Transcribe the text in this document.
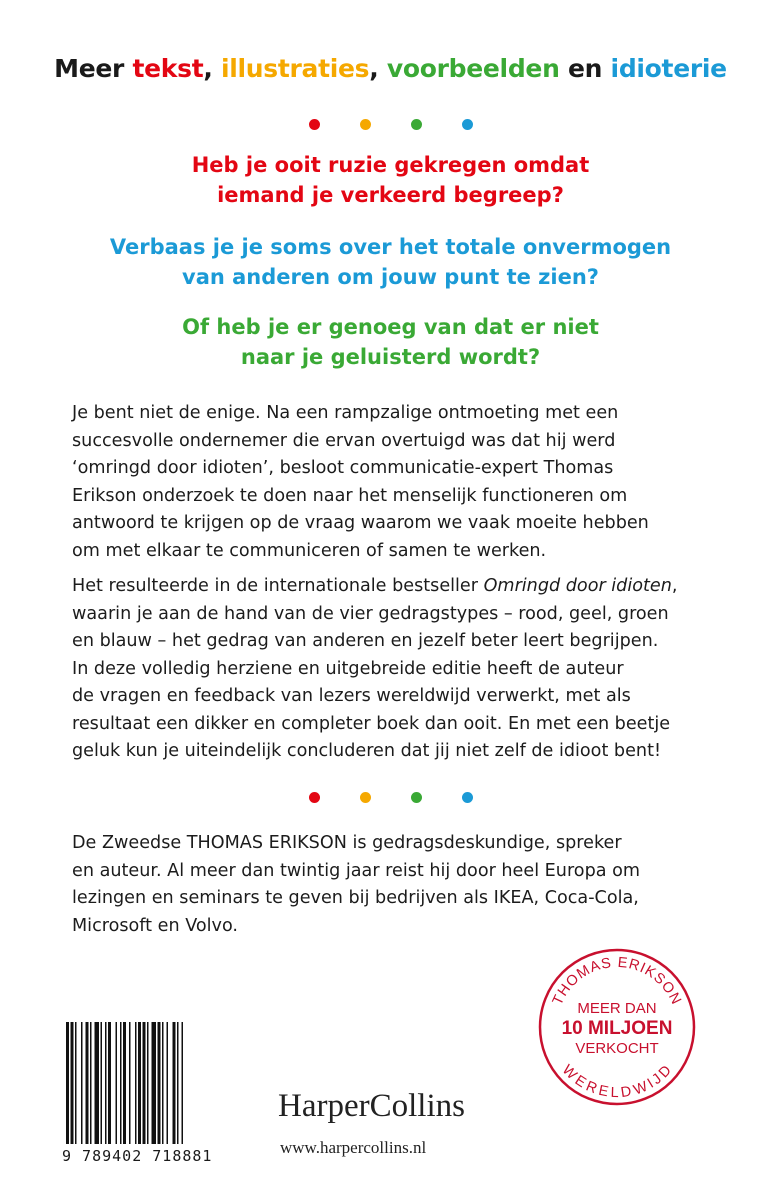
Meer tekst, illustraties, voorbeelden en idioterie
Heb je ooit ruzie gekregen omdat
iemand je verkeerd begreep?
Verbaas je je soms over het totale onvermogen
van anderen om jouw punt te zien?
Of heb je er genoeg van dat er niet
naar je geluisterd wordt?

Je bent niet de enige. Na een rampzalige ontmoeting met een

succesvolle ondernemer die ervan overtuigd was dat hij werd

‘omringd door idioten’, besloot communicatie-expert Thomas

Erikson onderzoek te doen naar het menselijk functioneren om

antwoord te krijgen op de vraag waarom we vaak moeite hebben

om met elkaar te communiceren of samen te werken.

Het resulteerde in de internationale bestseller Omringd door idioten,

waarin je aan de hand van de vier gedragstypes – rood, geel, groen

en blauw – het gedrag van anderen en jezelf beter leert begrijpen.

In deze volledig herziene en uitgebreide editie heeft de auteur

de vragen en feedback van lezers wereldwijd verwerkt, met als

resultaat een dikker en completer boek dan ooit. En met een beetje

geluk kun je uiteindelijk concluderen dat jij niet zelf de idioot bent!

De Zweedse THOMAS ERIKSON is gedragsdeskundige, spreker

en auteur. Al meer dan twintig jaar reist hij door heel Europa om

lezingen en seminars te geven bij bedrijven als IKEA, Coca-Cola,

Microsoft en Volvo.

THOMAS ERIKSON
MEER DAN
10 MILJOEN
VERKOCHT
WERELDWIJD
9 789402 718881
HarperCollins
www.harpercollins.nl
